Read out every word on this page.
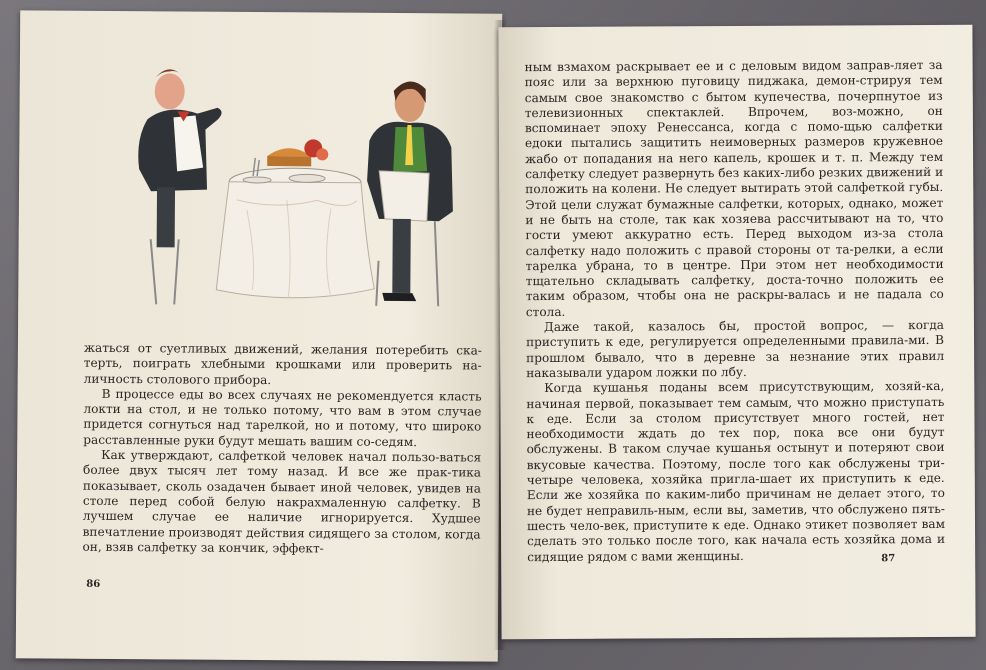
жаться от суетливых движений, желания потеребить ска-терть, поиграть хлебными крошками или проверить на-личность столового прибора.

В процессе еды во всех случаях не рекомендуется класть локти на стол, и не только потому, что вам в этом случае придется согнуться над тарелкой, но и потому, что широко расставленные руки будут мешать вашим со-седям.

Как утверждают, салфеткой человек начал пользо-ваться более двух тысяч лет тому назад. И все же прак-тика показывает, сколь озадачен бывает иной человек, увидев на столе перед собой белую накрахмаленную салфетку. В лучшем случае ее наличие игнорируется. Худшее впечатление производят действия сидящего за столом, когда он, взяв салфетку за кончик, эффект-

86

ным взмахом раскрывает ее и с деловым видом заправ-ляет за пояс или за верхнюю пуговицу пиджака, демон-стрируя тем самым свое знакомство с бытом купечества, почерпнутое из телевизионных спектаклей. Впрочем, воз-можно, он вспоминает эпоху Ренессанса, когда с помо-щью салфетки едоки пытались защитить неимоверных размеров кружевное жабо от попадания на него капель, крошек и т. п. Между тем салфетку следует развернуть без каких-либо резких движений и положить на колени. Не следует вытирать этой салфеткой губы. Этой цели служат бумажные салфетки, которых, однако, может и не быть на столе, так как хозяева рассчитывают на то, что гости умеют аккуратно есть. Перед выходом из-за стола салфетку надо положить с правой стороны от та-релки, а если тарелка убрана, то в центре. При этом нет необходимости тщательно складывать салфетку, доста-точно положить ее таким образом, чтобы она не раскры-валась и не падала со стола.

Даже такой, казалось бы, простой вопрос, — когда приступить к еде, регулируется определенными правила-ми. В прошлом бывало, что в деревне за незнание этих правил наказывали ударом ложки по лбу.

Когда кушанья поданы всем присутствующим, хозяй-ка, начиная первой, показывает тем самым, что можно приступать к еде. Если за столом присутствует много гостей, нет необходимости ждать до тех пор, пока все они будут обслужены. В таком случае кушанья остынут и потеряют свои вкусовые качества. Поэтому, после того как обслужены три-четыре человека, хозяйка пригла-шает их приступить к еде. Если же хозяйка по каким-либо причинам не делает этого, то не будет неправиль-ным, если вы, заметив, что обслужено пять-шесть чело-век, приступите к еде. Однако этикет позволяет вам сделать это только после того, как начала есть хозяйка дома и сидящие рядом с вами женщины.	87
